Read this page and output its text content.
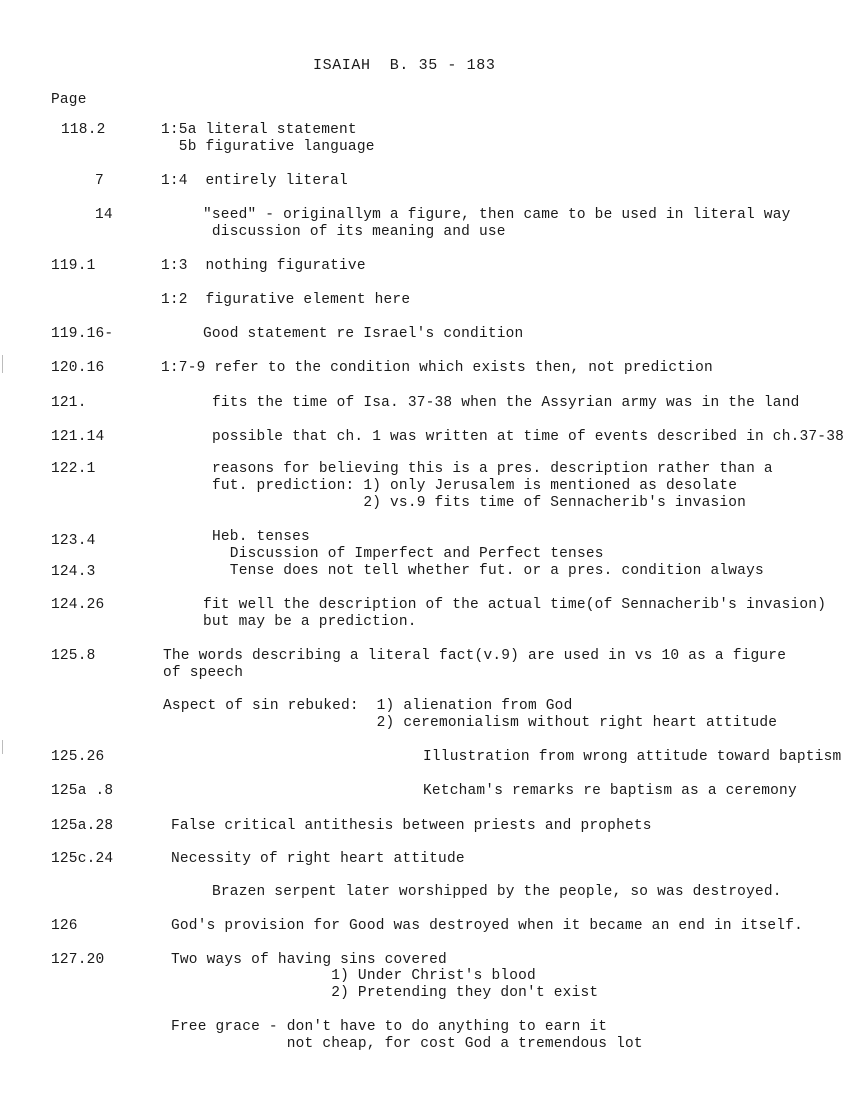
ISAIAH  B. 35 - 183
Page
118.2	1:5a literal statement
5b figurative language
7	1:4  entirely literal
14	"seed" - originallym a figure, then came to be used in literal way
discussion of its meaning and use
119.1	1:3  nothing figurative
1:2  figurative element here
119.16-	Good statement re Israel's condition
120.16	1:7-9 refer to the condition which exists then, not prediction
121.	fits the time of Isa. 37-38 when the Assyrian army was in the land
121.14	possible that ch. 1 was written at time of events described in ch.37-38
122.1	reasons for believing this is a pres. description rather than a
fut. prediction: 1) only Jerusalem is mentioned as desolate
2) vs.9 fits time of Sennacherib's invasion
123.4	Heb. tenses
Discussion of Imperfect and Perfect tenses
124.3	Tense does not tell whether fut. or a pres. condition always
124.26	fit well the description of the actual time(of Sennacherib's invasion)
but may be a prediction.
125.8	The words describing a literal fact(v.9) are used in vs 10 as a figure
of speech
Aspect of sin rebuked:  1) alienation from God
2) ceremonialism without right heart attitude
125.26	Illustration from wrong attitude toward baptism
125a .8	Ketcham's remarks re baptism as a ceremony
125a.28	False critical antithesis between priests and prophets
125c.24	Necessity of right heart attitude
Brazen serpent later worshipped by the people, so was destroyed.
126	God's provision for Good was destroyed when it became an end in itself.
127.20	Two ways of having sins covered
1) Under Christ's blood
2) Pretending they don't exist
Free grace - don't have to do anything to earn it
not cheap, for cost God a tremendous lot
